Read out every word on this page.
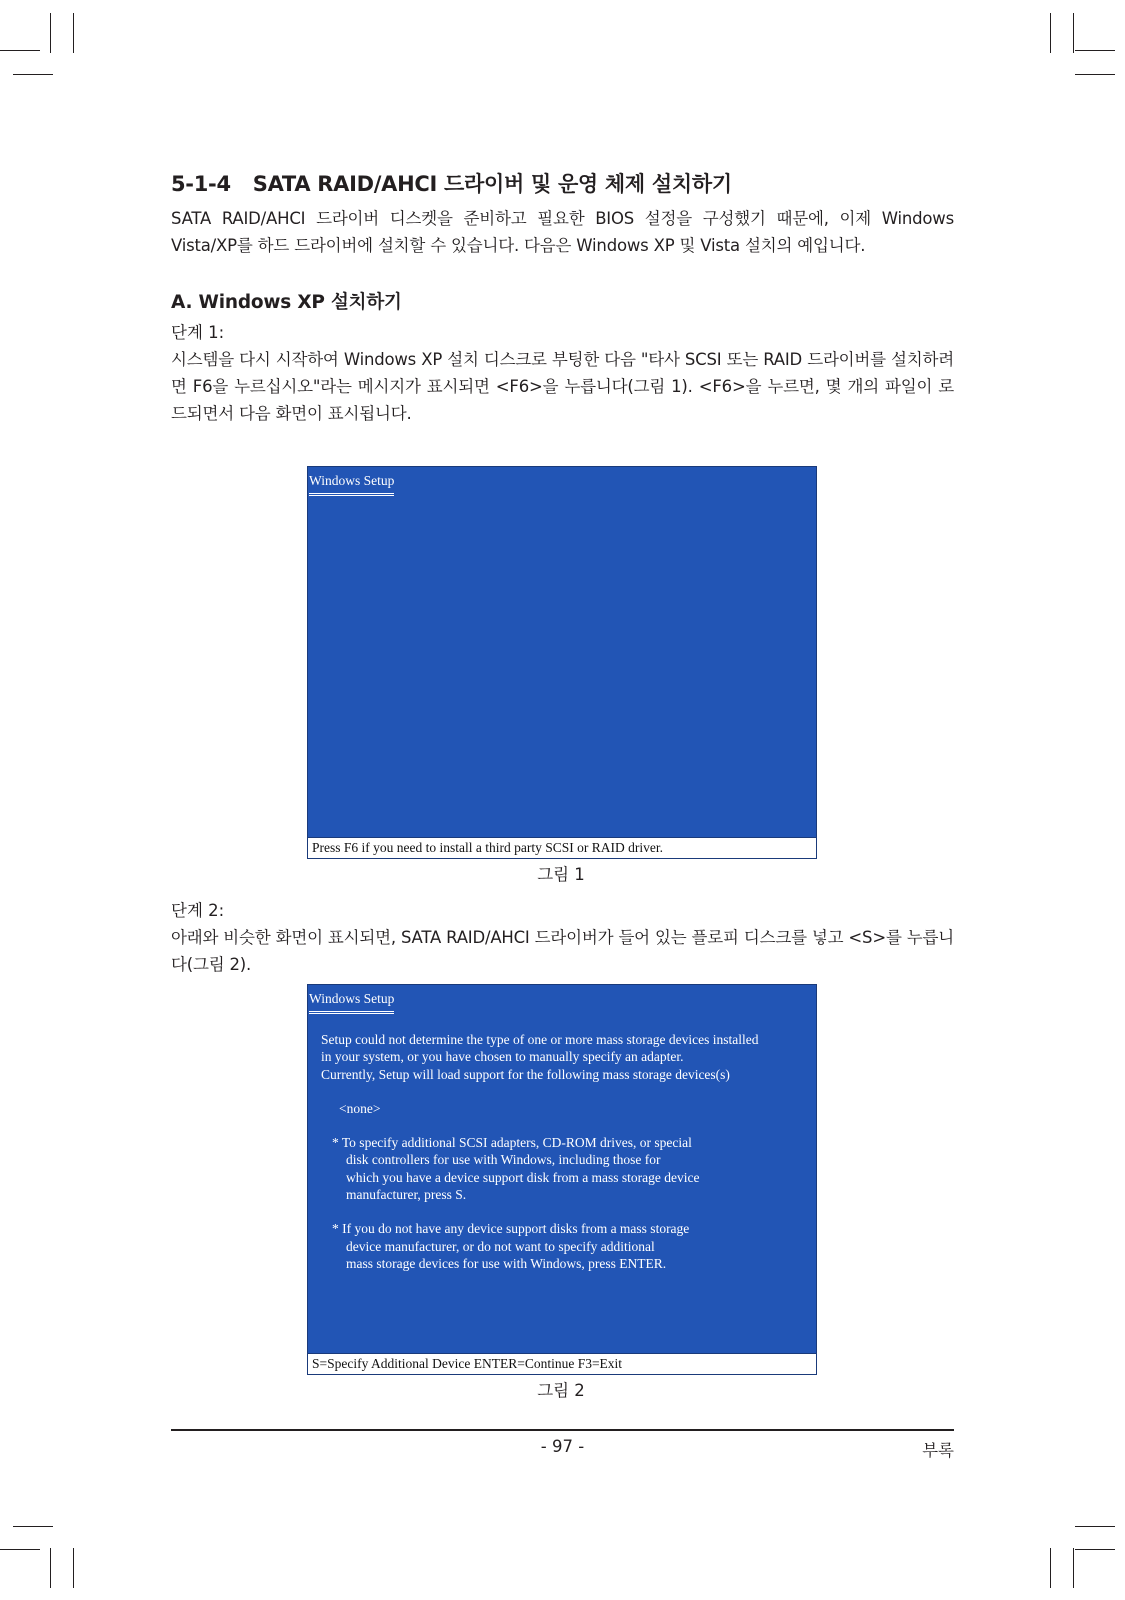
5-1-4 SATA RAID/AHCI 드라이버 및 운영 체제 설치하기
SATA RAID/AHCI 드라이버 디스켓을 준비하고 필요한 BIOS 설정을 구성했기 때문에, 이제 Windows Vista/XP를 하드 드라이버에 설치할 수 있습니다. 다음은 Windows XP 및 Vista 설치의 예입니다.
A. Windows XP 설치하기
단계 1:
시스템을 다시 시작하여 Windows XP 설치 디스크로 부팅한 다음 "타사 SCSI 또는 RAID 드라이버를 설치하려면 F6을 누르십시오"라는 메시지가 표시되면 <F6>을 누릅니다(그림 1). <F6>을 누르면, 몇 개의 파일이 로드되면서 다음 화면이 표시됩니다.
Windows Setup
Press F6 if you need to install a third party SCSI or RAID driver.
그림 1
단계 2:
아래와 비슷한 화면이 표시되면, SATA RAID/AHCI 드라이버가 들어 있는 플로피 디스크를 넣고 <S>를 누릅니다(그림 2).
Windows Setup
Setup could not determine the type of one or more mass storage devices installed
in your system, or you have chosen to manually specify an adapter.
Currently, Setup will load support for the following mass storage devices(s)
<none>
* To specify additional SCSI adapters, CD-ROM drives, or special
disk controllers for use with Windows, including those for
which you have a device support disk from a mass storage device
manufacturer, press S.
* If you do not have any device support disks from a mass storage
device manufacturer, or do not want to specify additional
mass storage devices for use with Windows, press ENTER.
S=Specify Additional Device ENTER=Continue F3=Exit
그림 2
- 97 -	부록
